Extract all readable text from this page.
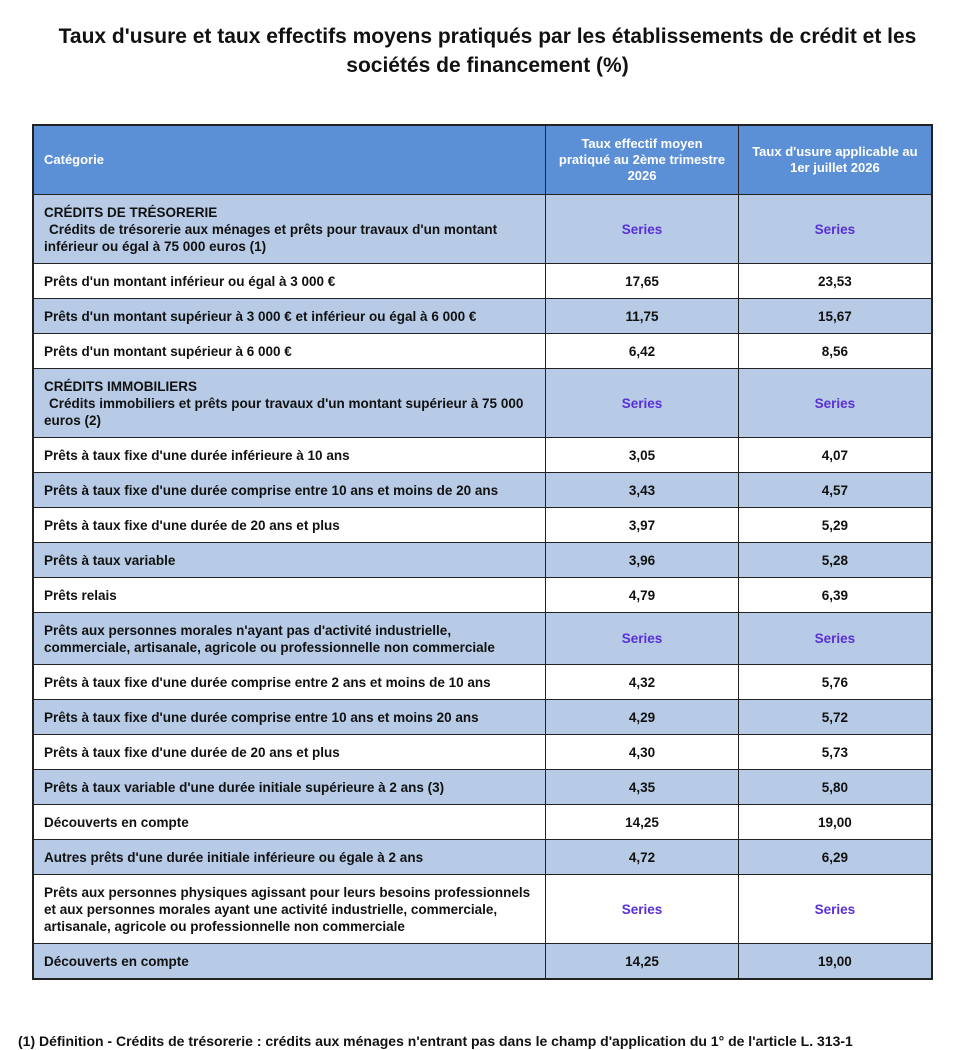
Taux d'usure et taux effectifs moyens pratiqués par les établissements de crédit et les sociétés de financement (%)
Catégorie	Taux effectif moyen pratiqué au 2ème trimestre 2026	Taux d'usure applicable au 1er juillet 2026

CRÉDITS DE TRÉSORERIE
Crédits de trésorerie aux ménages et prêts pour travaux d'un montant inférieur ou égal à 75 000 euros (1)	Series	Series
Prêts d'un montant inférieur ou égal à 3 000 €	17,65	23,53
Prêts d'un montant supérieur à 3 000 € et inférieur ou égal à 6 000 €	11,75	15,67
Prêts d'un montant supérieur à 6 000 €	6,42	8,56

CRÉDITS IMMOBILIERS
Crédits immobiliers et prêts pour travaux d'un montant supérieur à 75 000 euros (2)	Series	Series
Prêts à taux fixe d'une durée inférieure à 10 ans	3,05	4,07
Prêts à taux fixe d'une durée comprise entre 10 ans et moins de 20 ans	3,43	4,57
Prêts à taux fixe d'une durée de 20 ans et plus	3,97	5,29
Prêts à taux variable	3,96	5,28
Prêts relais	4,79	6,39
Prêts aux personnes morales n'ayant pas d'activité industrielle, commerciale, artisanale, agricole ou professionnelle non commerciale	Series	Series
Prêts à taux fixe d'une durée comprise entre 2 ans et moins de 10 ans	4,32	5,76
Prêts à taux fixe d'une durée comprise entre 10 ans et moins 20 ans	4,29	5,72
Prêts à taux fixe d'une durée de 20 ans et plus	4,30	5,73
Prêts à taux variable d'une durée initiale supérieure à 2 ans (3)	4,35	5,80
Découverts en compte	14,25	19,00
Autres prêts d'une durée initiale inférieure ou égale à 2 ans	4,72	6,29
Prêts aux personnes physiques agissant pour leurs besoins professionnels et aux personnes morales ayant une activité industrielle, commerciale, artisanale, agricole ou professionnelle non commerciale	Series	Series
Découverts en compte	14,25	19,00
(1) Définition - Crédits de trésorerie : crédits aux ménages n'entrant pas dans le champ d'application du 1° de l'article L. 313-1
